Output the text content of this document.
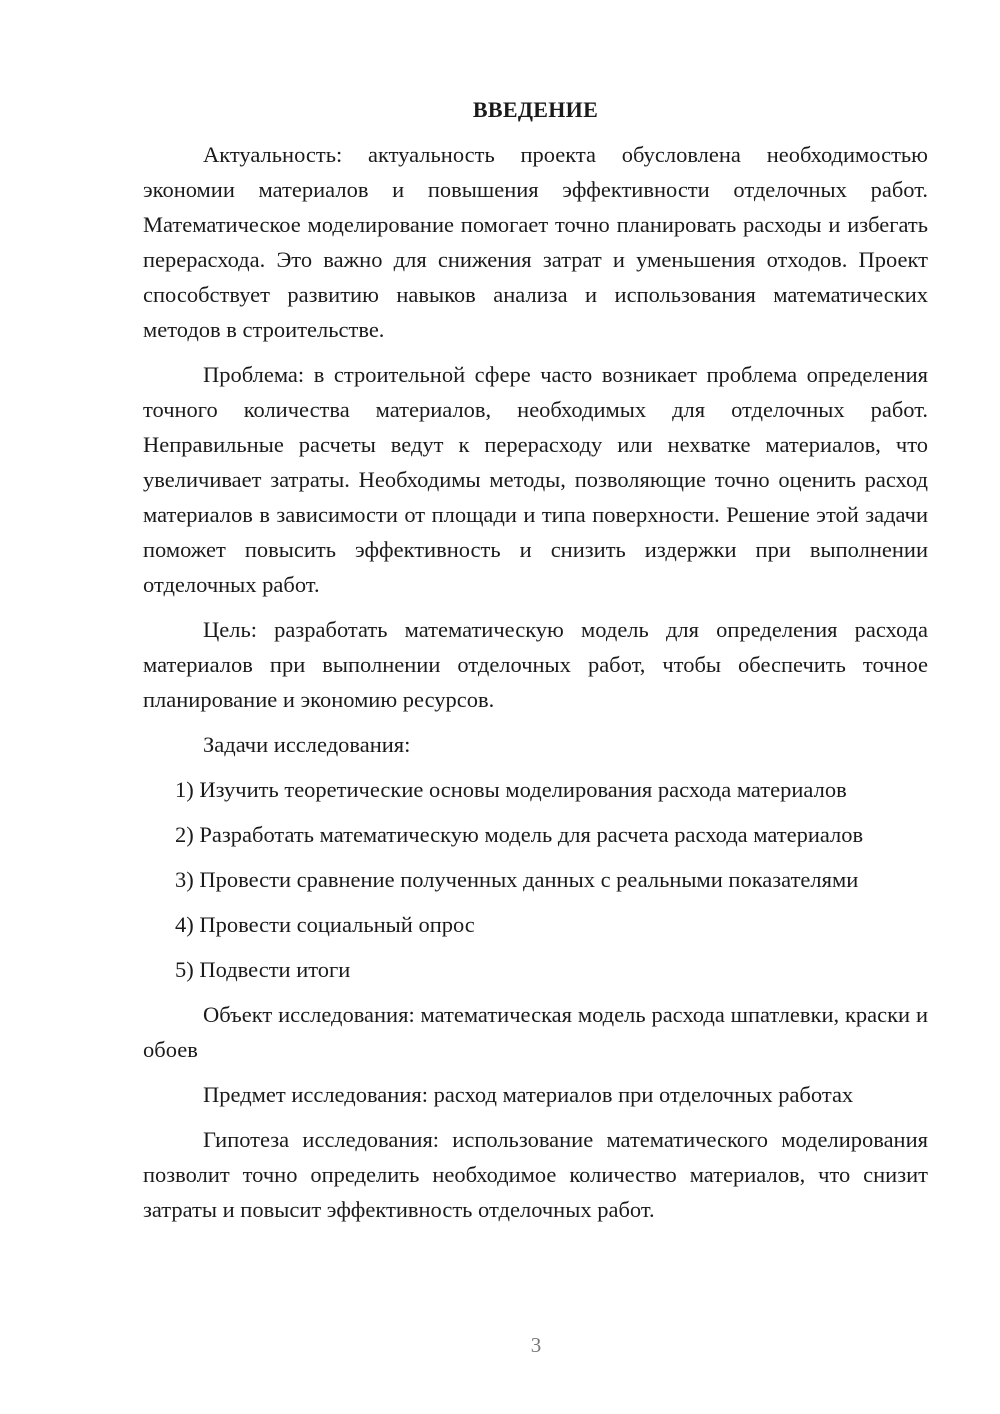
ВВЕДЕНИЕ

Актуальность: актуальность проекта обусловлена необходимостью экономии материалов и повышения эффективности отделочных работ. Математическое моделирование помогает точно планировать расходы и избегать перерасхода. Это важно для снижения затрат и уменьшения отходов. Проект способствует развитию навыков анализа и использования математических методов в строительстве.

Проблема: в строительной сфере часто возникает проблема определения точного количества материалов, необходимых для отделочных работ. Неправильные расчеты ведут к перерасходу или нехватке материалов, что увеличивает затраты. Необходимы методы, позволяющие точно оценить расход материалов в зависимости от площади и типа поверхности. Решение этой задачи поможет повысить эффективность и снизить издержки при выполнении отделочных работ.

Цель: разработать математическую модель для определения расхода материалов при выполнении отделочных работ, чтобы обеспечить точное планирование и экономию ресурсов.

Задачи исследования:

1) Изучить теоретические основы моделирования расхода материалов

2) Разработать математическую модель для расчета расхода материалов

3) Провести сравнение полученных данных с реальными показателями

4) Провести социальный опрос

5) Подвести итоги

Объект исследования: математическая модель расхода шпатлевки, краски и обоев

Предмет исследования: расход материалов при отделочных работах

Гипотеза исследования: использование математического моделирования позволит точно определить необходимое количество материалов, что снизит затраты и повысит эффективность отделочных работ.

3
